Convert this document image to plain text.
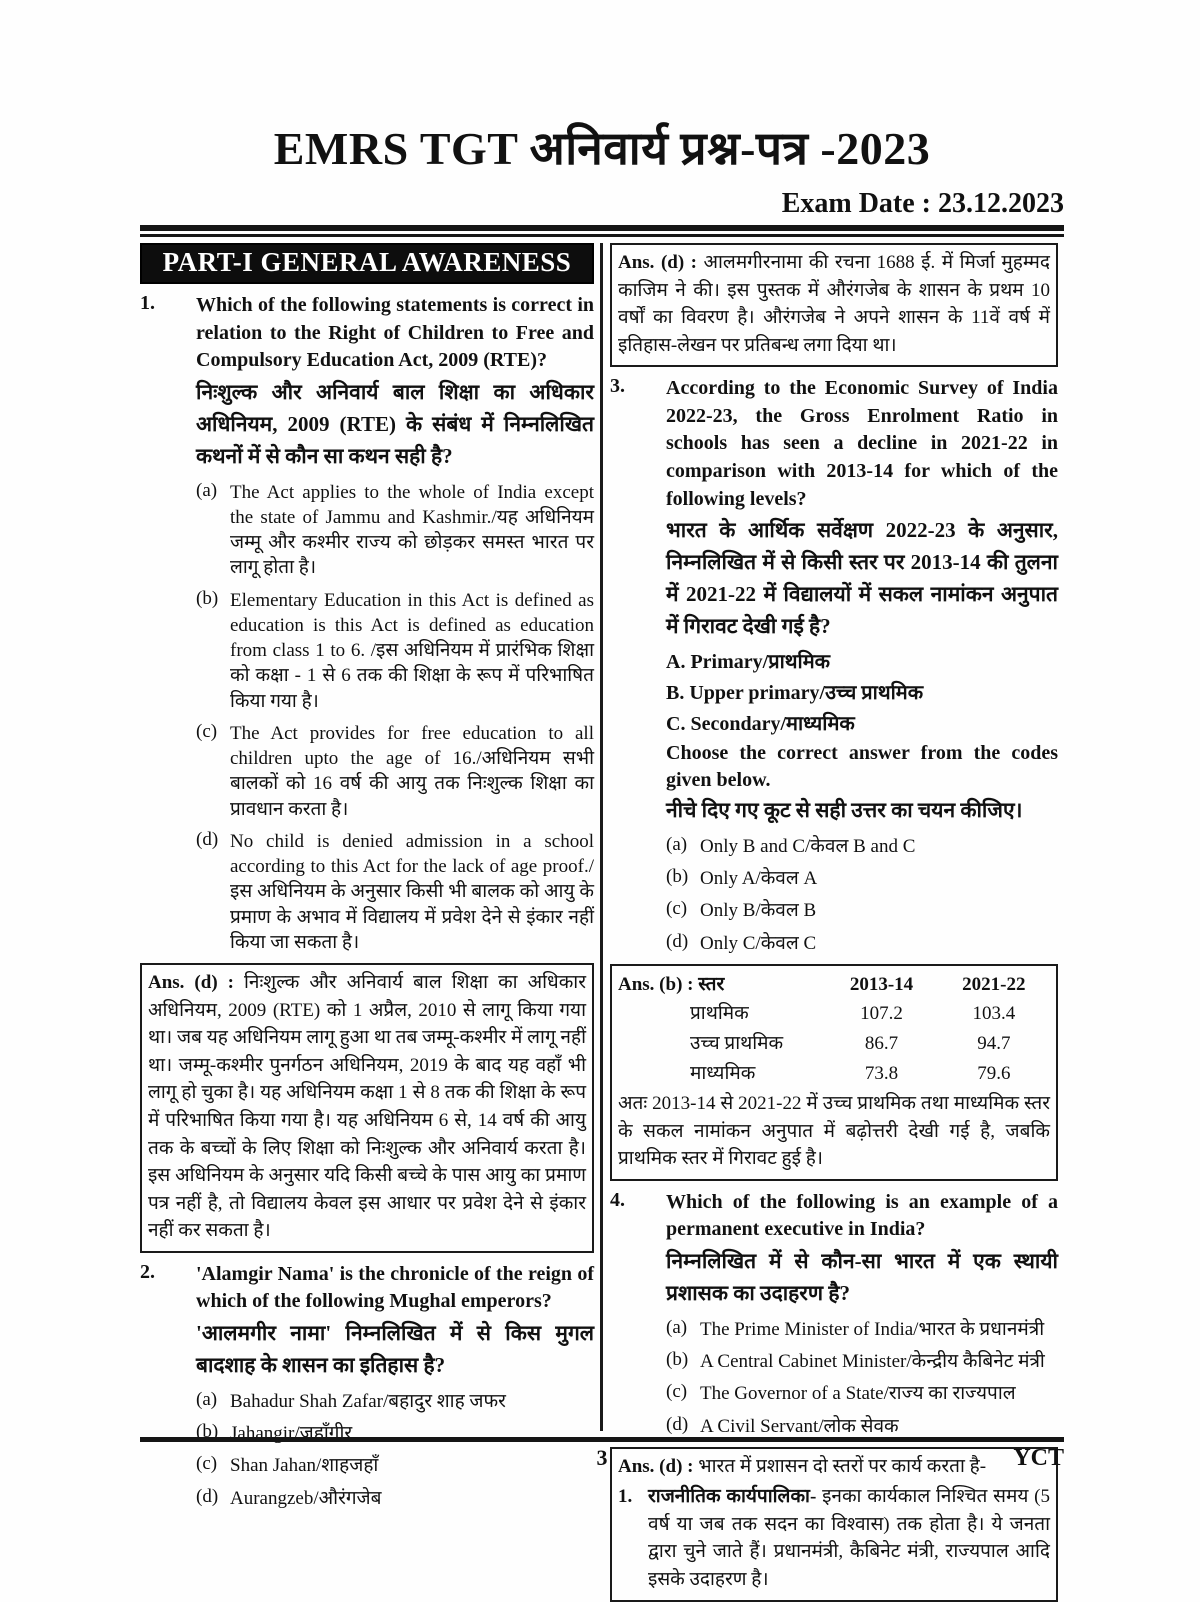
EMRS TGT अनिवार्य प्रश्न-पत्र -2023
Exam Date : 23.12.2023
PART-I GENERAL AWARENESS
1.	Which of the following statements is correct in relation to the Right of Children to Free and Compulsory Education Act, 2009 (RTE)?
निःशुल्क और अनिवार्य बाल शिक्षा का अधिकार अधिनियम, 2009 (RTE) के संबंध में निम्नलिखित कथनों में से कौन सा कथन सही है?
(a) The Act applies to the whole of India except the state of Jammu and Kashmir./यह अधिनियम जम्मू और कश्मीर राज्य को छोड़कर समस्त भारत पर लागू होता है।
(b) Elementary Education in this Act is defined as education is this Act is defined as education from class 1 to 6. /इस अधिनियम में प्रारंभिक शिक्षा को कक्षा - 1 से 6 तक की शिक्षा के रूप में परिभाषित किया गया है।
(c) The Act provides for free education to all children upto the age of 16./अधिनियम सभी बालकों को 16 वर्ष की आयु तक निःशुल्क शिक्षा का प्रावधान करता है।
(d) No child is denied admission in a school according to this Act for the lack of age proof./इस अधिनियम के अनुसार किसी भी बालक को आयु के प्रमाण के अभाव में विद्यालय में प्रवेश देने से इंकार नहीं किया जा सकता है।
Ans. (d) : निःशुल्क और अनिवार्य बाल शिक्षा का अधिकार अधिनियम, 2009 (RTE) को 1 अप्रैल, 2010 से लागू किया गया था। जब यह अधिनियम लागू हुआ था तब जम्मू-कश्मीर में लागू नहीं था। जम्मू-कश्मीर पुनर्गठन अधिनियम, 2019 के बाद यह वहाँ भी लागू हो चुका है। यह अधिनियम कक्षा 1 से 8 तक की शिक्षा के रूप में परिभाषित किया गया है। यह अधिनियम 6 से, 14 वर्ष की आयु तक के बच्चों के लिए शिक्षा को निःशुल्क और अनिवार्य करता है। इस अधिनियम के अनुसार यदि किसी बच्चे के पास आयु का प्रमाण पत्र नहीं है, तो विद्यालय केवल इस आधार पर प्रवेश देने से इंकार नहीं कर सकता है।
2.	'Alamgir Nama' is the chronicle of the reign of which of the following Mughal emperors?
'आलमगीर नामा' निम्नलिखित में से किस मुगल बादशाह के शासन का इतिहास है?
(a) Bahadur Shah Zafar/बहादुर शाह जफर
(b) Jahangir/जहाँगीर
(c) Shan Jahan/शाहजहाँ
(d) Aurangzeb/औरंगजेब
Ans. (d) : आलमगीरनामा की रचना 1688 ई. में मिर्जा मुहम्मद काजिम ने की। इस पुस्तक में औरंगजेब के शासन के प्रथम 10 वर्षों का विवरण है। औरंगजेब ने अपने शासन के 11वें वर्ष में इतिहास-लेखन पर प्रतिबन्ध लगा दिया था।
3.	According to the Economic Survey of India 2022-23, the Gross Enrolment Ratio in schools has seen a decline in 2021-22 in comparison with 2013-14 for which of the following levels?
भारत के आर्थिक सर्वेक्षण 2022-23 के अनुसार, निम्नलिखित में से किसी स्तर पर 2013-14 की तुलना में 2021-22 में विद्यालयों में सकल नामांकन अनुपात में गिरावट देखी गई है?
A. Primary/प्राथमिक
B. Upper primary/उच्च प्राथमिक
C. Secondary/माध्यमिक
Choose the correct answer from the codes given below.
नीचे दिए गए कूट से सही उत्तर का चयन कीजिए।
(a) Only B and C/केवल B and C
(b) Only A/केवल A
(c) Only B/केवल B
(d) Only C/केवल C
Ans. (b) : स्तर	2013-14	2021-22
प्राथमिक	107.2	103.4
उच्च प्राथमिक	86.7	94.7
माध्यमिक	73.8	79.6
अतः 2013-14 से 2021-22 में उच्च प्राथमिक तथा माध्यमिक स्तर के सकल नामांकन अनुपात में बढ़ोत्तरी देखी गई है, जबकि प्राथमिक स्तर में गिरावट हुई है।
4.	Which of the following is an example of a permanent executive in India?
निम्नलिखित में से कौन-सा भारत में एक स्थायी प्रशासक का उदाहरण है?
(a) The Prime Minister of India/भारत के प्रधानमंत्री
(b) A Central Cabinet Minister/केन्द्रीय कैबिनेट मंत्री
(c) The Governor of a State/राज्य का राज्यपाल
(d) A Civil Servant/लोक सेवक
Ans. (d) : भारत में प्रशासन दो स्तरों पर कार्य करता है-
1. राजनीतिक कार्यपालिका- इनका कार्यकाल निश्चित समय (5 वर्ष या जब तक सदन का विश्वास) तक होता है। ये जनता द्वारा चुने जाते हैं। प्रधानमंत्री, कैबिनेट मंत्री, राज्यपाल आदि इसके उदाहरण है।
3	YCT
